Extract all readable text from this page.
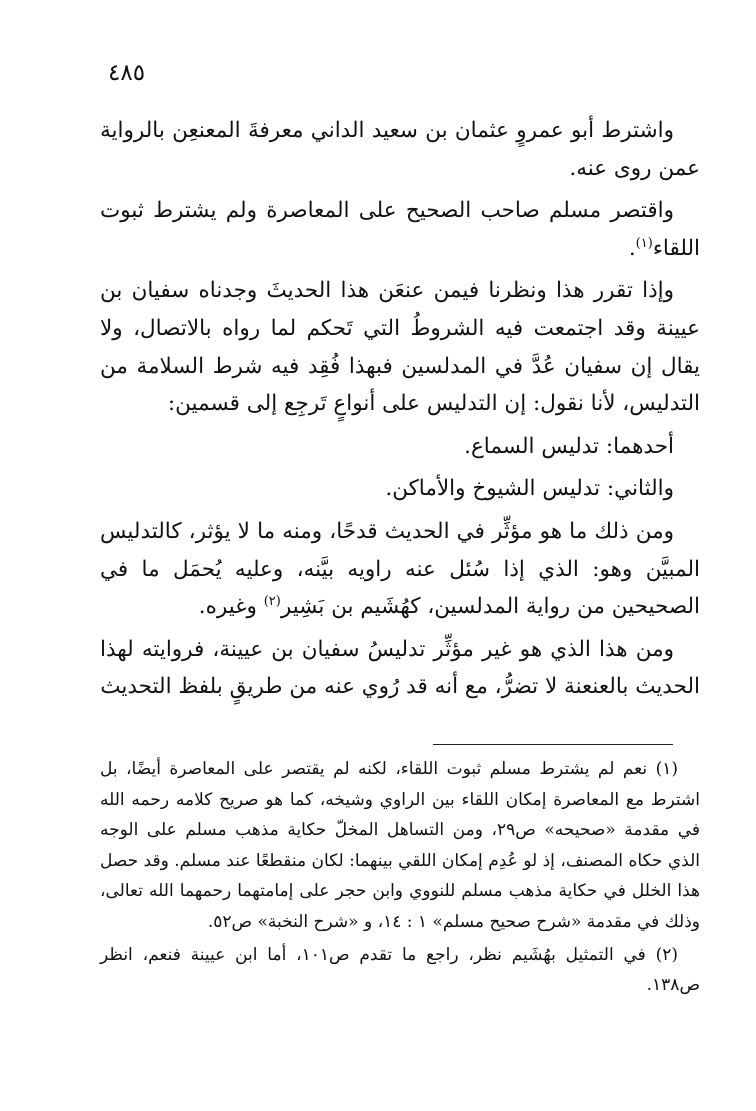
٤٨٥

واشترط أبو عمروٍ عثمان بن سعيد الداني معرفةَ المعنعِن بالرواية عمن روى عنه.

واقتصر مسلم صاحب الصحيح على المعاصرة ولم يشترط ثبوت اللقاء$^{(١)}$.

وإذا تقرر هذا ونظرنا فيمن عنعَن هذا الحديثَ وجدناه سفيان بن عيينة وقد اجتمعت فيه الشروطُ التي تَحكم لما رواه بالاتصال، ولا يقال إن سفيان عُدَّ في المدلسين فبهذا فُقِد فيه شرط السلامة من التدليس، لأنا نقول: إن التدليس على أنواعٍ تَرجِع إلى قسمين:

أحدهما: تدليس السماع.

والثاني: تدليس الشيوخ والأماكن.

ومن ذلك ما هو مؤثِّر في الحديث قدحًا، ومنه ما لا يؤثر، كالتدليس المبيَّن وهو: الذي إذا سُئل عنه راويه بيَّنه، وعليه يُحمَل ما في الصحيحين من رواية المدلسين، كهُشَيم بن بَشِير$^{(٢)}$ وغيره.

ومن هذا الذي هو غير مؤثِّر تدليسُ سفيان بن عيينة، فروايته لهذا الحديث بالعنعنة لا تضرُّ، مع أنه قد رُوي عنه من طريقٍ بلفظ التحديث

(١) نعم لم يشترط مسلم ثبوت اللقاء، لكنه لم يقتصر على المعاصرة أيضًا، بل اشترط مع المعاصرة إمكان اللقاء بين الراوي وشيخه، كما هو صريح كلامه رحمه الله في مقدمة «صحيحه» ص٢٩، ومن التساهل المخلّ حكاية مذهب مسلم على الوجه الذي حكاه المصنف، إذ لو عُدِم إمكان اللقي بينهما: لكان منقطعًا عند مسلم. وقد حصل هذا الخلل في حكاية مذهب مسلم للنووي وابن حجر على إمامتهما رحمهما الله تعالى، وذلك في مقدمة «شرح صحيح مسلم» ١ : ١٤، و «شرح النخبة» ص٥٢.

(٢) في التمثيل بهُشَيم نظر، راجع ما تقدم ص١٠١، أما ابن عيينة فنعم، انظر ص١٣٨.
